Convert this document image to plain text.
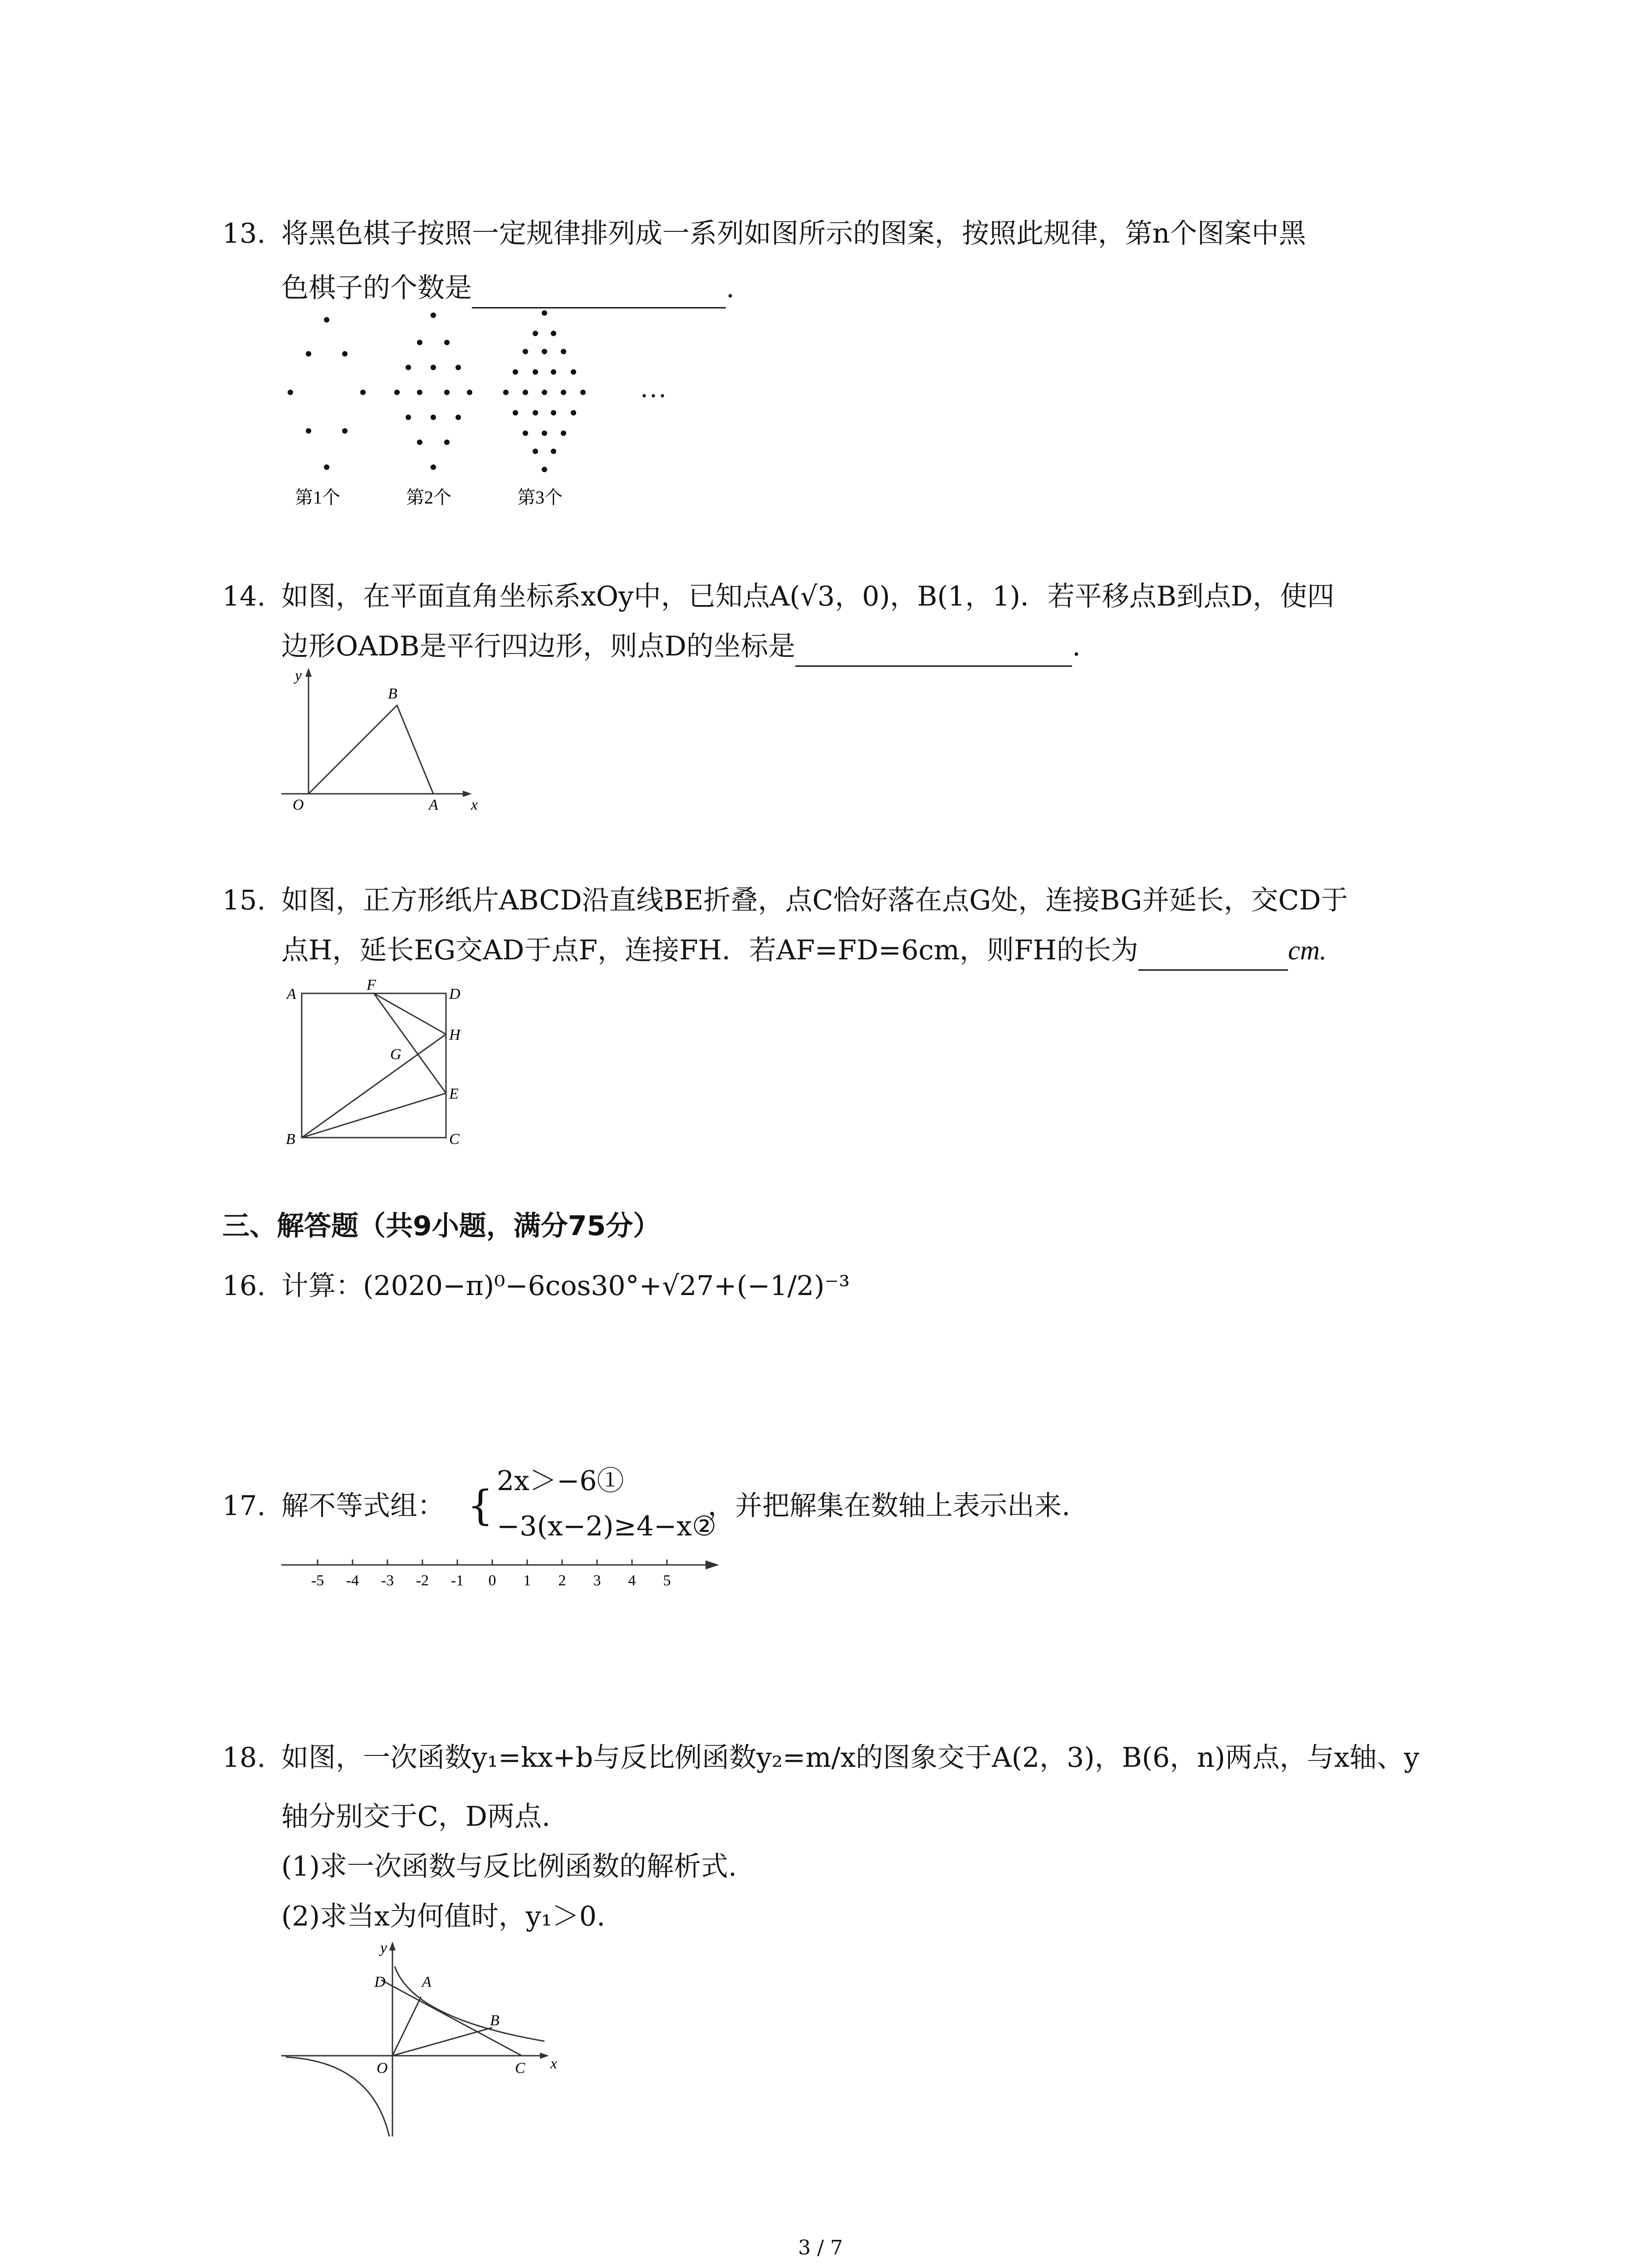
13. 将黑色棋子按照一定规律排列成一系列如图所示的图案，按照此规律，第n个图案中黑
色棋子的个数是	.
…
第1个	第2个	第3个
14. 如图，在平面直角坐标系xOy中，已知点A(√3，0)，B(1，1)．若平移点B到点D，使四
边形OADB是平行四边形，则点D的坐标是	.
y
x
O	A
B
15. 如图，正方形纸片ABCD沿直线BE折叠，点C恰好落在点G处，连接BG并延长，交CD于
点H，延长EG交AD于点F，连接FH．若AF=FD=6cm，则FH的长为	cm.
A
F
D
H
G
E
B	C
三、解答题（共9小题，满分75分）
16. 计算：(2020−π)⁰−6cos30°+√27+(−1/2)⁻³
17. 解不等式组： {
2x＞−6①
−3(x−2)≥4−x②
，并把解集在数轴上表示出来.
-5 -4 -3 -2 -1 0 1 2 3 4 5
18. 如图，一次函数y₁=kx+b与反比例函数y₂=m/x的图象交于A(2，3)，B(6，n)两点，与x轴、y
轴分别交于C，D两点.
(1)求一次函数与反比例函数的解析式.
(2)求当x为何值时，y₁＞0.
y
x
O
D A
B
C
3 / 7
